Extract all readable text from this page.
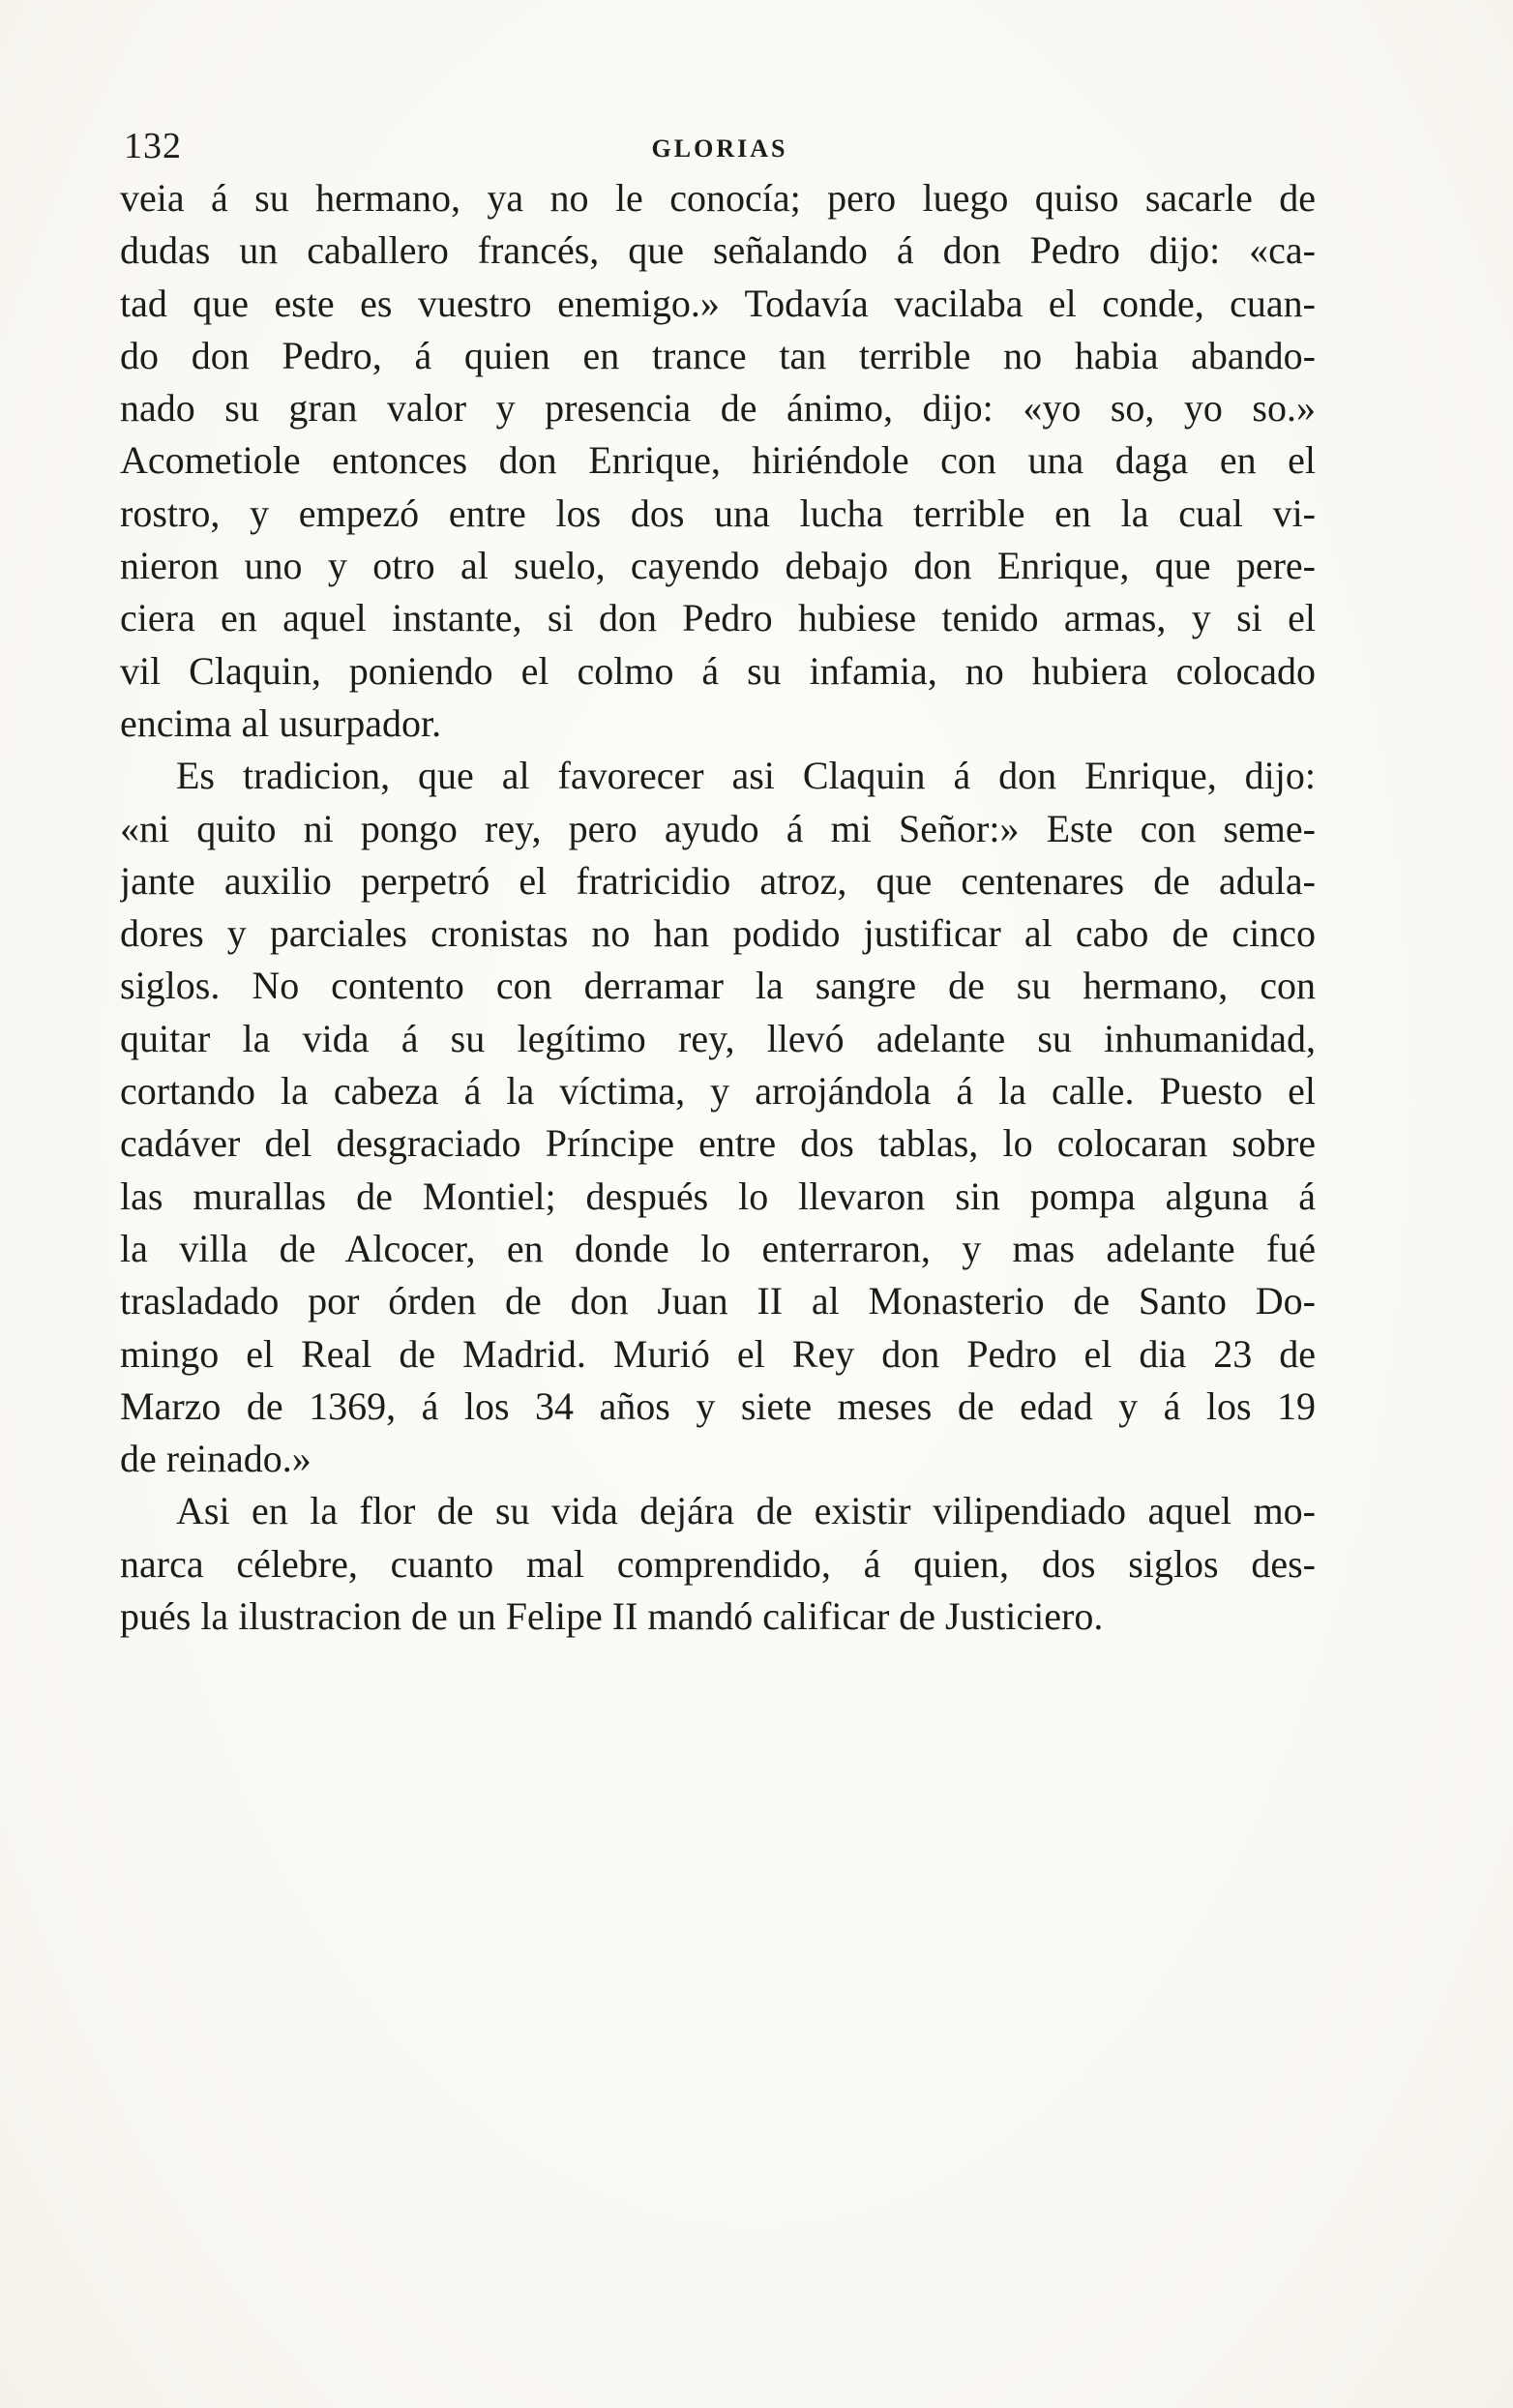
132	GLORIAS
veia á su hermano, ya no le conocía; pero luego quiso sacarle de
dudas un caballero francés, que señalando á don Pedro dijo: «ca-
tad que este es vuestro enemigo.» Todavía vacilaba el conde, cuan-
do don Pedro, á quien en trance tan terrible no habia abando-
nado su gran valor y presencia de ánimo, dijo: «yo so, yo so.»
Acometiole entonces don Enrique, hiriéndole con una daga en el
rostro, y empezó entre los dos una lucha terrible en la cual vi-
nieron uno y otro al suelo, cayendo debajo don Enrique, que pere-
ciera en aquel instante, si don Pedro hubiese tenido armas, y si el
vil Claquin, poniendo el colmo á su infamia, no hubiera colocado
encima al usurpador.
Es tradicion, que al favorecer asi Claquin á don Enrique, dijo:
«ni quito ni pongo rey, pero ayudo á mi Señor:» Este con seme-
jante auxilio perpetró el fratricidio atroz, que centenares de adula-
dores y parciales cronistas no han podido justificar al cabo de cinco
siglos. No contento con derramar la sangre de su hermano, con
quitar la vida á su legítimo rey, llevó adelante su inhumanidad,
cortando la cabeza á la víctima, y arrojándola á la calle. Puesto el
cadáver del desgraciado Príncipe entre dos tablas, lo colocaran sobre
las murallas de Montiel; después lo llevaron sin pompa alguna á
la villa de Alcocer, en donde lo enterraron, y mas adelante fué
trasladado por órden de don Juan II al Monasterio de Santo Do-
mingo el Real de Madrid. Murió el Rey don Pedro el dia 23 de
Marzo de 1369, á los 34 años y siete meses de edad y á los 19
de reinado.»
Asi en la flor de su vida dejára de existir vilipendiado aquel mo-
narca célebre, cuanto mal comprendido, á quien, dos siglos des-
pués la ilustracion de un Felipe II mandó calificar de Justiciero.
